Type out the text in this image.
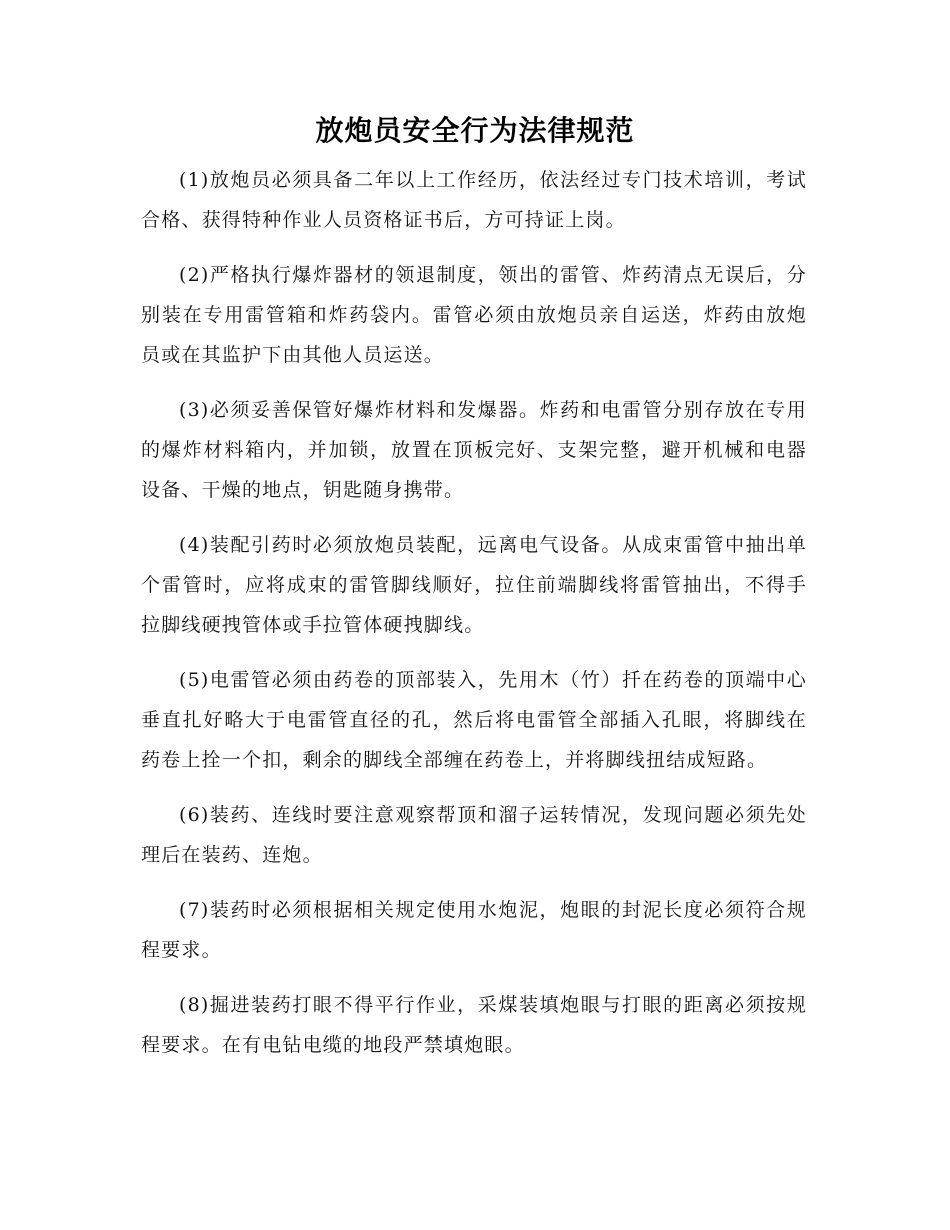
放炮员安全行为法律规范

(1)放炮员必须具备二年以上工作经历，依法经过专门技术培训，考试合格、获得特种作业人员资格证书后，方可持证上岗。

(2)严格执行爆炸器材的领退制度，领出的雷管、炸药清点无误后，分别装在专用雷管箱和炸药袋内。雷管必须由放炮员亲自运送，炸药由放炮员或在其监护下由其他人员运送。

(3)必须妥善保管好爆炸材料和发爆器。炸药和电雷管分别存放在专用的爆炸材料箱内，并加锁，放置在顶板完好、支架完整，避开机械和电器设备、干燥的地点，钥匙随身携带。

(4)装配引药时必须放炮员装配，远离电气设备。从成束雷管中抽出单个雷管时，应将成束的雷管脚线顺好，拉住前端脚线将雷管抽出，不得手拉脚线硬拽管体或手拉管体硬拽脚线。

(5)电雷管必须由药卷的顶部装入，先用木（竹）扦在药卷的顶端中心垂直扎好略大于电雷管直径的孔，然后将电雷管全部插入孔眼，将脚线在药卷上拴一个扣，剩余的脚线全部缠在药卷上，并将脚线扭结成短路。

(6)装药、连线时要注意观察帮顶和溜子运转情况，发现问题必须先处理后在装药、连炮。

(7)装药时必须根据相关规定使用水炮泥，炮眼的封泥长度必须符合规程要求。

(8)掘进装药打眼不得平行作业，采煤装填炮眼与打眼的距离必须按规程要求。在有电钻电缆的地段严禁填炮眼。
